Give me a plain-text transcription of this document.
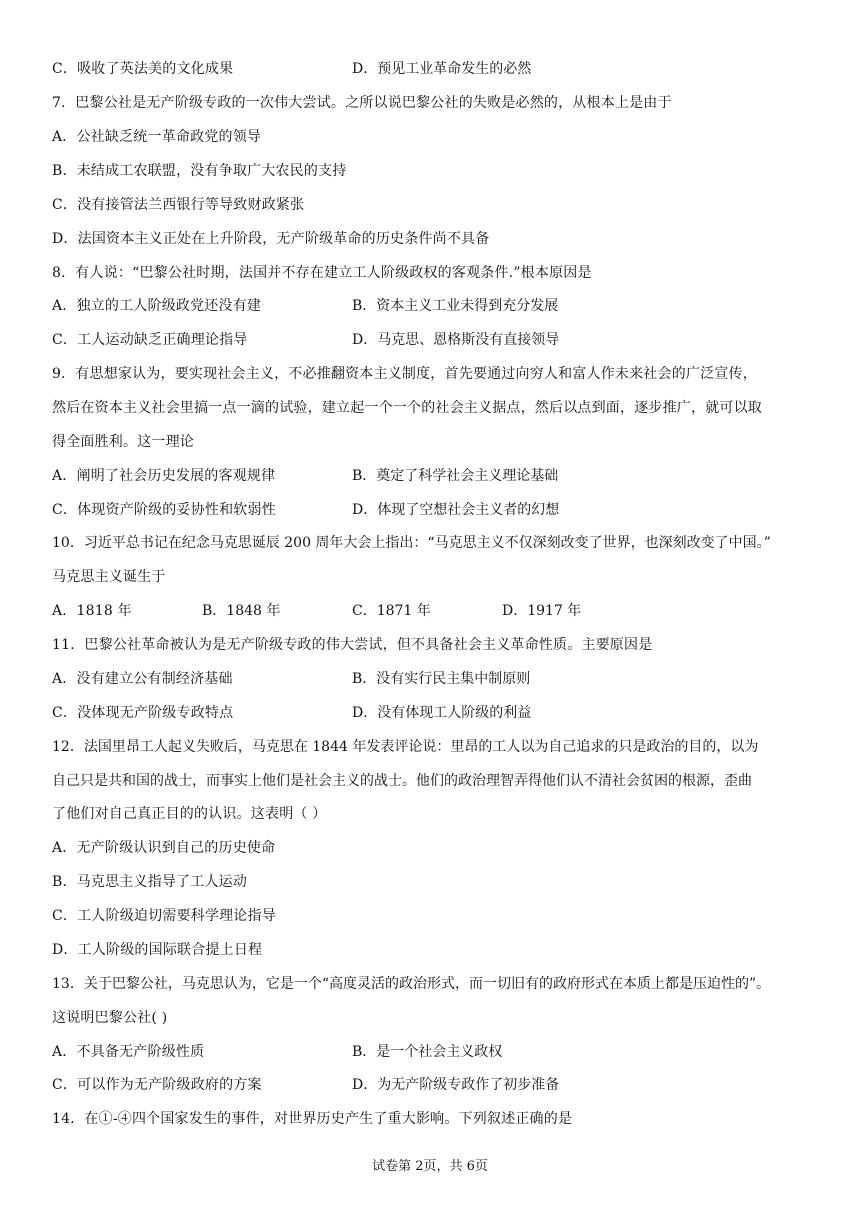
C．吸收了英法美的文化成果	D．预见工业革命发生的必然
7．巴黎公社是无产阶级专政的一次伟大尝试。之所以说巴黎公社的失败是必然的，从根本上是由于
A．公社缺乏统一革命政党的领导
B．未结成工农联盟，没有争取广大农民的支持
C．没有接管法兰西银行等导致财政紧张
D．法国资本主义正处在上升阶段，无产阶级革命的历史条件尚不具备
8．有人说：“巴黎公社时期，法国并不存在建立工人阶级政权的客观条件.”根本原因是
A．独立的工人阶级政党还没有建	B．资本主义工业未得到充分发展
C．工人运动缺乏正确理论指导	D．马克思、恩格斯没有直接领导
9．有思想家认为，要实现社会主义，不必推翻资本主义制度，首先要通过向穷人和富人作未来社会的广泛宣传，
然后在资本主义社会里搞一点一滴的试验，建立起一个一个的社会主义据点，然后以点到面，逐步推广，就可以取
得全面胜利。这一理论
A．阐明了社会历史发展的客观规律	B．奠定了科学社会主义理论基础
C．体现资产阶级的妥协性和软弱性	D．体现了空想社会主义者的幻想
10．习近平总书记在纪念马克思诞辰 200 周年大会上指出：“马克思主义不仅深刻改变了世界，也深刻改变了中国。”
马克思主义诞生于
A．1818 年	B．1848 年	C．1871 年	D．1917 年
11．巴黎公社革命被认为是无产阶级专政的伟大尝试，但不具备社会主义革命性质。主要原因是
A．没有建立公有制经济基础	B．没有实行民主集中制原则
C．没体现无产阶级专政特点	D．没有体现工人阶级的利益
12．法国里昂工人起义失败后，马克思在 1844 年发表评论说：里昂的工人以为自己追求的只是政治的目的，以为
自己只是共和国的战士，而事实上他们是社会主义的战士。他们的政治理智弄得他们认不清社会贫困的根源，歪曲
了他们对自己真正目的的认识。这表明（ ）
A．无产阶级认识到自己的历史使命
B．马克思主义指导了工人运动
C．工人阶级迫切需要科学理论指导
D．工人阶级的国际联合提上日程
13．关于巴黎公社，马克思认为，它是一个“高度灵活的政治形式，而一切旧有的政府形式在本质上都是压迫性的”。
这说明巴黎公社( )
A．不具备无产阶级性质	B．是一个社会主义政权
C．可以作为无产阶级政府的方案	D．为无产阶级专政作了初步准备
14．在①-④四个国家发生的事件，对世界历史产生了重大影响。下列叙述正确的是
试卷第 2页，共 6页
